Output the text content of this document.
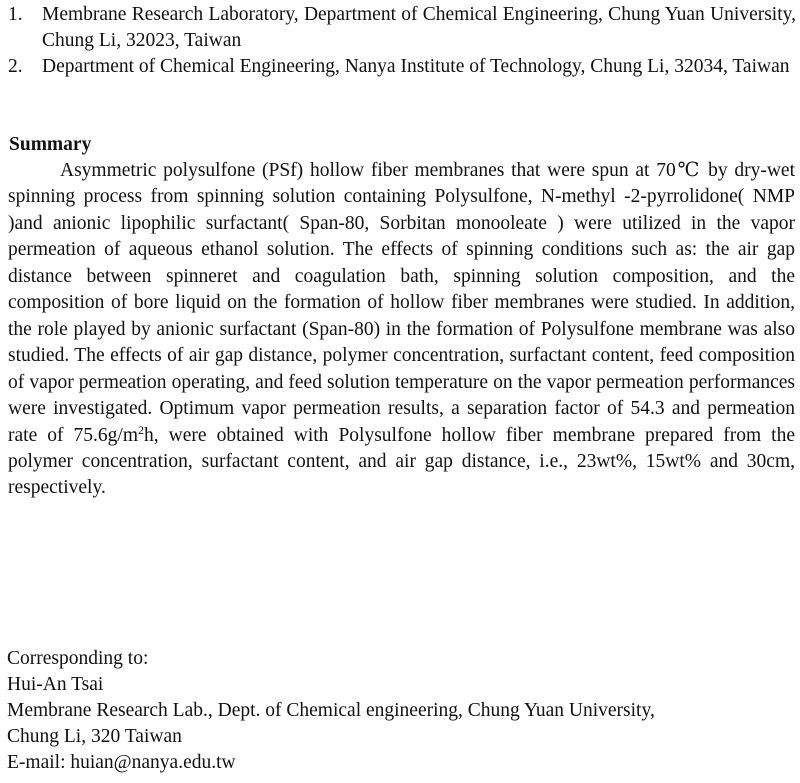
1. Membrane Research Laboratory, Department of Chemical Engineering, Chung Yuan University, Chung Li, 32023, Taiwan
2. Department of Chemical Engineering, Nanya Institute of Technology, Chung Li, 32034, Taiwan
Summary

Asymmetric polysulfone (PSf) hollow fiber membranes that were spun at 70℃ by dry-wet spinning process from spinning solution containing Polysulfone, N-methyl -2-pyrrolidone( NMP )and anionic lipophilic surfactant( Span-80, Sorbitan monooleate ) were utilized in the vapor permeation of aqueous ethanol solution. The effects of spinning conditions such as: the air gap distance between spinneret and coagulation bath, spinning solution composition, and the composition of bore liquid on the formation of hollow fiber membranes were studied. In addition, the role played by anionic surfactant (Span-80) in the formation of Polysulfone membrane was also studied. The effects of air gap distance, polymer concentration, surfactant content, feed composition of vapor permeation operating, and feed solution temperature on the vapor permeation performances were investigated. Optimum vapor permeation results, a separation factor of 54.3 and permeation rate of $75.6g/m^2h$, were obtained with Polysulfone hollow fiber membrane prepared from the polymer concentration, surfactant content, and air gap distance, i.e., 23wt%, 15wt% and 30cm, respectively.

Corresponding to:
Hui-An Tsai
Membrane Research Lab., Dept. of Chemical engineering, Chung Yuan University,
Chung Li, 320 Taiwan
E-mail: huian@nanya.edu.tw
